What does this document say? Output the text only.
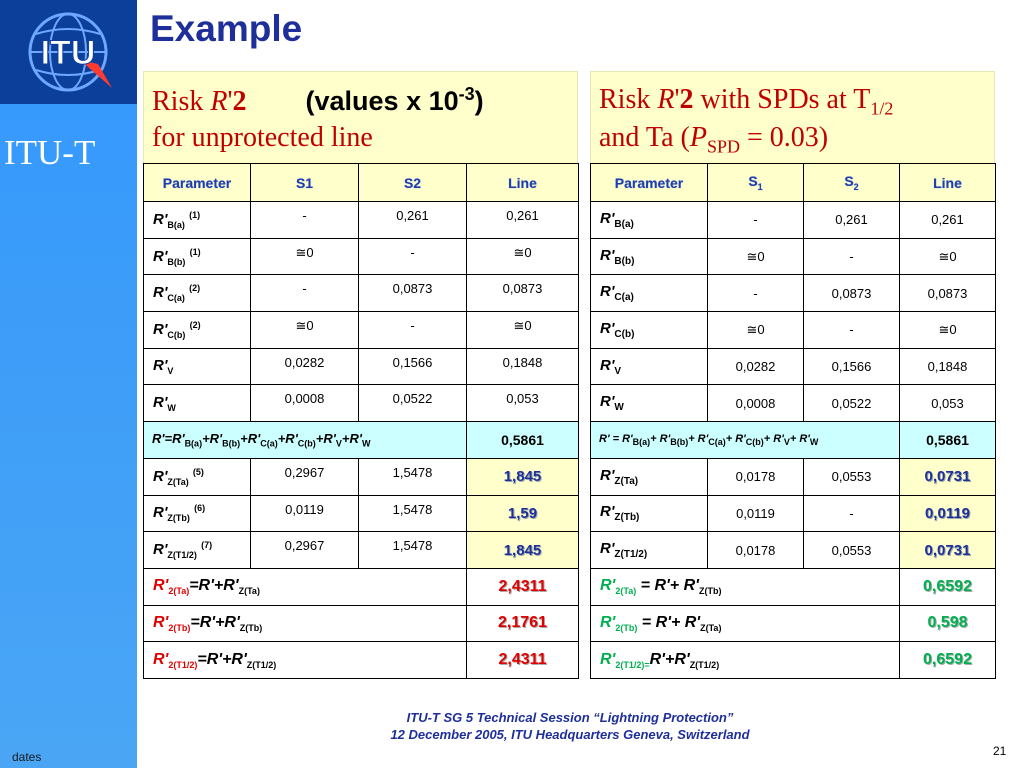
ITU
ITU-T
dates
Example
Risk R'2 (values x $10^{-3}$)
for unprotected line
Risk R'2 with SPDs at $T_{1/2}$
and Ta $(P_{SPD} = 0.03)$
Parameter	S1	S2	Line
$R'_{B(a)}$ $^{(1)}$	-	0,261	0,261
$R'_{B(b)}$ $^{(1)}$	≅0	-	≅0
$R'_{C(a)}$ $^{(2)}$	-	0,0873	0,0873
$R'_{C(b)}$ $^{(2)}$	≅0	-	≅0
$R'_V$	0,0282	0,1566	0,1848
$R'_W$	0,0008	0,0522	0,053
$R'=R'_{B(a)}+R'_{B(b)}+R'_{C(a)}+R'_{C(b)}+R'_V+R'_W$			0,5861
$R'_{Z(Ta)}$ $^{(5)}$	0,2967	1,5478	1,845
$R'_{Z(Tb)}$ $^{(6)}$	0,0119	1,5478	1,59
$R'_{Z(T1/2)}$ $^{(7)}$	0,2967	1,5478	1,845
$R'_{2(Ta)}=R'+R'_{Z(Ta)}$			2,4311
$R'_{2(Tb)}=R'+R'_{Z(Tb)}$			2,1761
$R'_{2(T1/2)}=R'+R'_{Z(T1/2)}$			2,4311
Parameter	$S_1$	$S_2$	Line
$R'_{B(a)}$	-	0,261	0,261
$R'_{B(b)}$	≅0	-	≅0
$R'_{C(a)}$	-	0,0873	0,0873
$R'_{C(b)}$	≅0	-	≅0
$R'_V$	0,0282	0,1566	0,1848
$R'_W$	0,0008	0,0522	0,053
$R' = R'_{B(a)}+ R'_{B(b)}+ R'_{C(a)}+ R'_{C(b)}+ R'_V+ R'_W$			0,5861
$R'_{Z(Ta)}$	0,0178	0,0553	0,0731
$R'_{Z(Tb)}$	0,0119	-	0,0119
$R'_{Z(T1/2)}$	0,0178	0,0553	0,0731
$R'_{2(Ta)} = R'+ R'_{Z(Tb)}$			0,6592
$R'_{2(Tb)} = R'+ R'_{Z(Ta)}$			0,598
$R'_{2(T1/2)=}R'+R'_{Z(T1/2)}$			0,6592
ITU-T SG 5 Technical Session “Lightning Protection”
12 December 2005, ITU Headquarters Geneva, Switzerland
21
